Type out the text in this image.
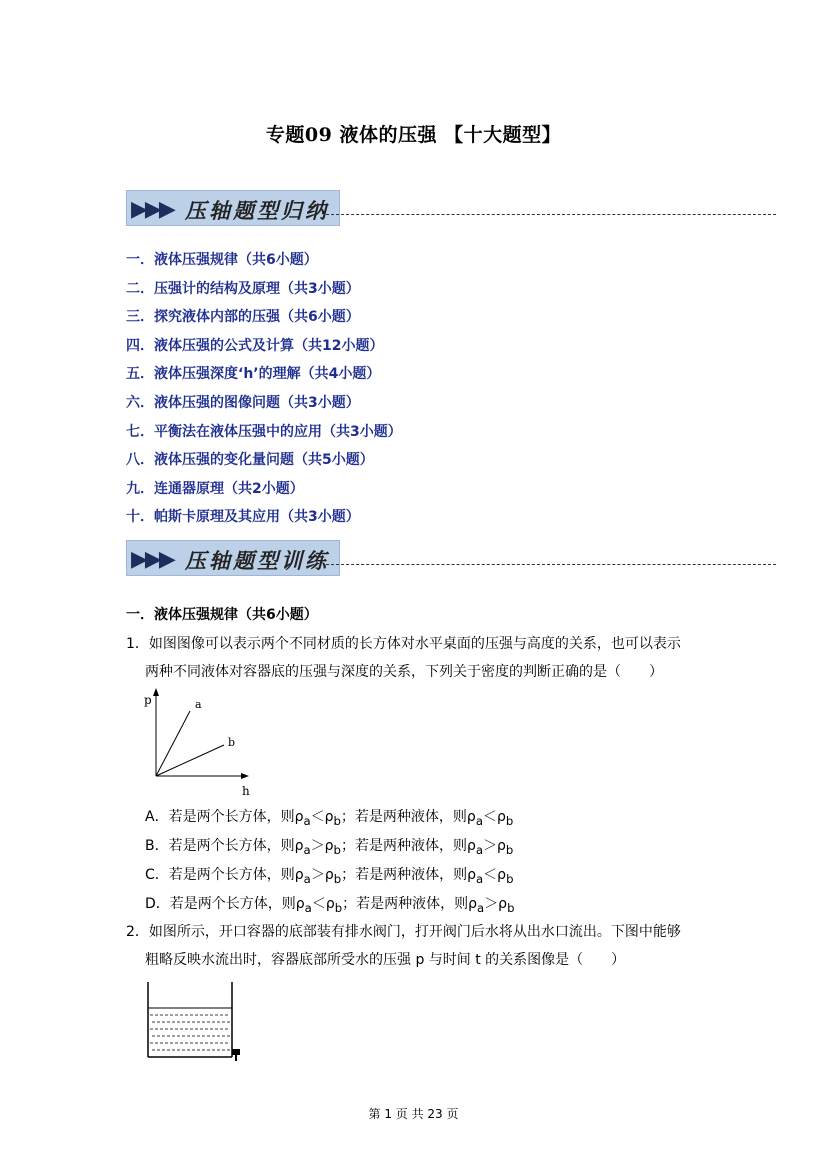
专题09 液体的压强 【十大题型】
▶▶▶ 压轴题型归纳
一．液体压强规律（共6小题）
二．压强计的结构及原理（共3小题）
三．探究液体内部的压强（共6小题）
四．液体压强的公式及计算（共12小题）
五．液体压强深度‘h’的理解（共4小题）
六．液体压强的图像问题（共3小题）
七．平衡法在液体压强中的应用（共3小题）
八．液体压强的变化量问题（共5小题）
九．连通器原理（共2小题）
十．帕斯卡原理及其应用（共3小题）
▶▶▶ 压轴题型训练
一．液体压强规律（共6小题）
1．如图图像可以表示两个不同材质的长方体对水平桌面的压强与高度的关系，也可以表示
两种不同液体对容器底的压强与深度的关系，下列关于密度的判断正确的是（　　）
p	a
b
h
A．若是两个长方体，则$\rho_a<\rho_b$；若是两种液体，则$\rho_a<\rho_b$
B．若是两个长方体，则$\rho_a>\rho_b$；若是两种液体，则$\rho_a>\rho_b$
C．若是两个长方体，则$\rho_a>\rho_b$；若是两种液体，则$\rho_a<\rho_b$
D．若是两个长方体，则$\rho_a<\rho_b$；若是两种液体，则$\rho_a>\rho_b$
2．如图所示，开口容器的底部装有排水阀门，打开阀门后水将从出水口流出。下图中能够
粗略反映水流出时，容器底部所受水的压强 p 与时间 t 的关系图像是（　　）
第 1 页 共 23 页
